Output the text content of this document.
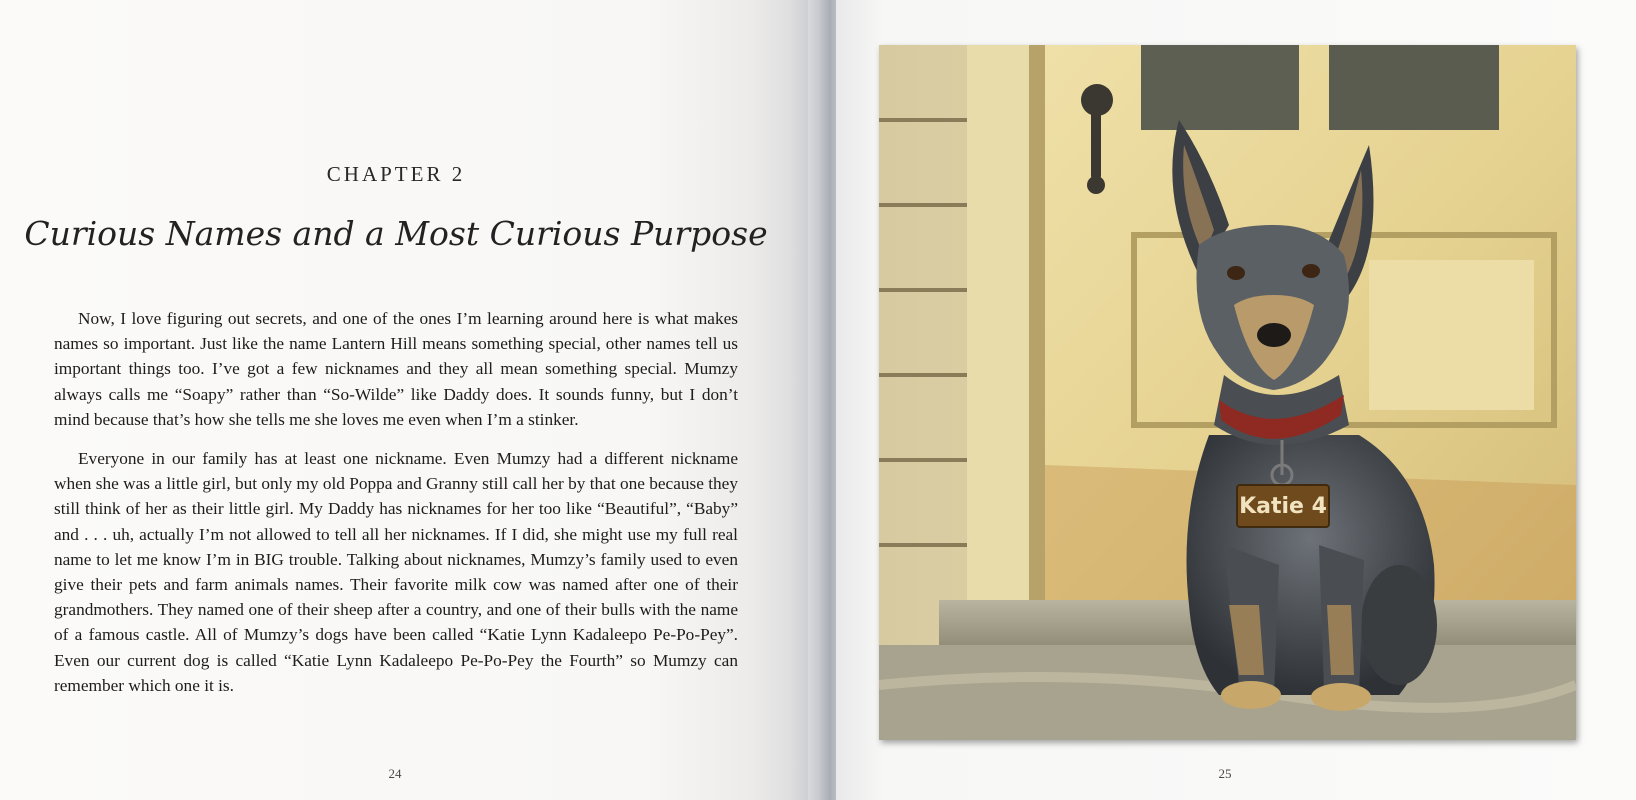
CHAPTER 2
Curious Names and a Most Curious Purpose

Now, I love figuring out secrets, and one of the ones I’m learning around here is what makes names so important. Just like the name Lantern Hill means something special, other names tell us important things too. I’ve got a few nicknames and they all mean something special. Mumzy always calls me “Soapy” rather than “So-Wilde” like Daddy does. It sounds funny, but I don’t mind because that’s how she tells me she loves me even when I’m a stinker.

Everyone in our family has at least one nickname. Even Mumzy had a different nickname when she was a little girl, but only my old Poppa and Granny still call her by that one because they still think of her as their little girl. My Daddy has nicknames for her too like “Beautiful”, “Baby” and . . . uh, actually I’m not allowed to tell all her nicknames. If I did, she might use my full real name to let me know I’m in BIG trouble. Talking about nicknames, Mumzy’s family used to even give their pets and farm animals names. Their favorite milk cow was named after one of their grandmothers. They named one of their sheep after a country, and one of their bulls with the name of a famous castle. All of Mumzy’s dogs have been called “Katie Lynn Kadaleepo Pe-Po-Pey”. Even our current dog is called “Katie Lynn Kadaleepo Pe-Po-Pey the Fourth” so Mumzy can remember which one it is.

24
Katie 4
25
